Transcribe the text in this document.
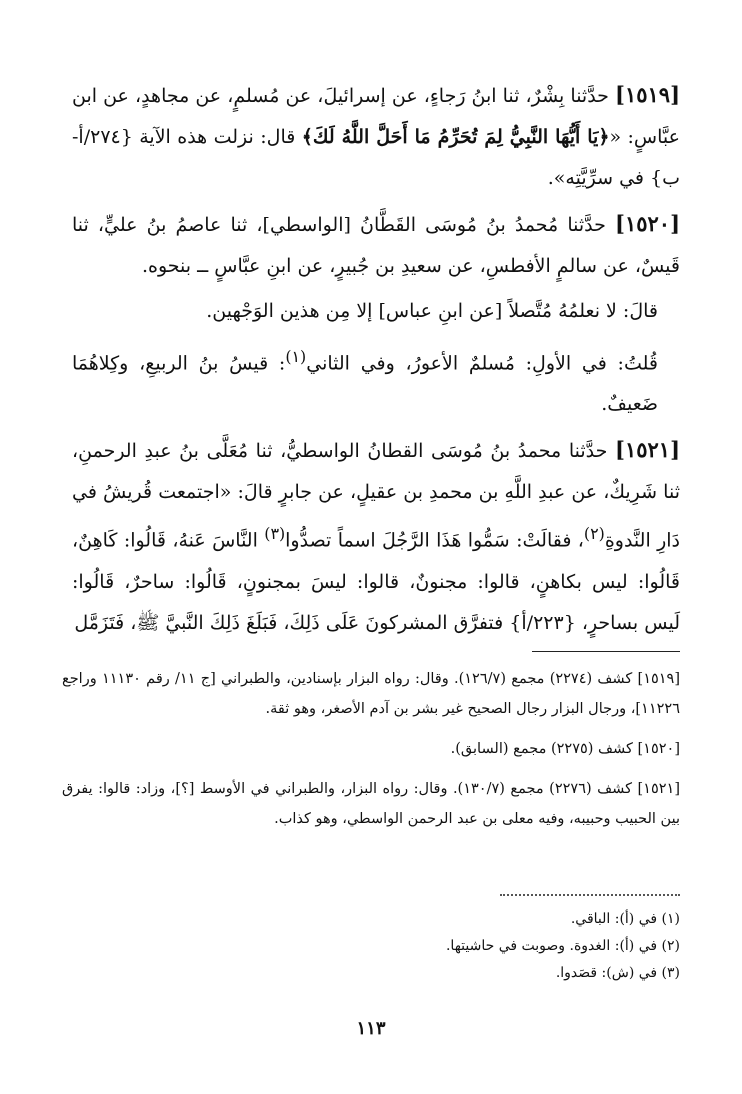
[١٥١٩] حدَّثنا بِشْرٌ، ثنا ابنُ رَجاءٍ، عن إسرائيلَ، عن مُسلمٍ، عن مجاهدٍ، عن ابن عبَّاسٍ: «﴿يَا أَيُّهَا النَّبِيُّ لِمَ تُحَرِّمُ مَا أَحَلَّ اللَّهُ لَكَ﴾ قال: نزلت هذه الآية {٢٧٤/أ-ب} في سرِّيَّتِه».

[١٥٢٠] حدَّثنا مُحمدُ بنُ مُوسَى القَطَّانُ [الواسطي]، ثنا عاصمُ بنُ عليٍّ، ثنا قَيسٌ، عن سالمٍ الأفطسِ، عن سعيدِ بن جُبيرٍ، عن ابنِ عبَّاسٍ ــ بنحوه.

قالَ: لا نعلمُهُ مُتَّصلاً [عن ابنِ عباس] إلا مِن هذين الوَجْهين.

قُلتُ: في الأولِ: مُسلمٌ الأعورُ، وفي الثاني$^{(١)}$: قيسُ بنُ الربيعِ، وكِلاهُمَا ضَعيفٌ.

[١٥٢١] حدَّثنا محمدُ بنُ مُوسَى القطانُ الواسطيُّ، ثنا مُعَلَّى بنُ عبدِ الرحمنِ، ثنا شَرِيكٌ، عن عبدِ اللَّهِ بن محمدِ بن عقيلٍ، عن جابرٍ قالَ: «اجتمعت قُريشُ في دَارِ النَّدوةِ$^{(٢)}$، فقالَتْ: سَمُّوا هَذَا الرَّجُلَ اسماً تصدُّوا$^{(٣)}$ النَّاسَ عَنهُ، قَالُوا: كَاهِنٌ، قَالُوا: ليس بكاهنٍ، قالوا: مجنونٌ، قالوا: ليسَ بمجنونٍ، قَالُوا: ساحرٌ، قَالُوا: لَيس بساحرٍ، {٢٢٣/أ} فتفرَّق المشركونَ عَلَى ذَلِكَ، فَبَلَغَ ذَلِكَ النَّبيَّ ﷺ، فَتَزَمَّل

[١٥١٩] كشف (٢٢٧٤) مجمع (١٢٦/٧). وقال: رواه البزار بإسنادين، والطبراني [ج ١١/ رقم ١١١٣٠ وراجع ١١٢٢٦]، ورجال البزار رجال الصحيح غير بشر بن آدم الأصغر، وهو ثقة.

[١٥٢٠] كشف (٢٢٧٥) مجمع (السابق).

[١٥٢١] كشف (٢٢٧٦) مجمع (١٣٠/٧). وقال: رواه البزار، والطبراني في الأوسط [؟]، وزاد: قالوا: يفرق بين الحبيب وحبيبه، وفيه معلى بن عبد الرحمن الواسطي، وهو كذاب.

(١) في (أ): الباقي.

(٢) في (أ): الغدوة. وصوبت في حاشيتها.

(٣) في (ش): قصَدوا.

١١٣
